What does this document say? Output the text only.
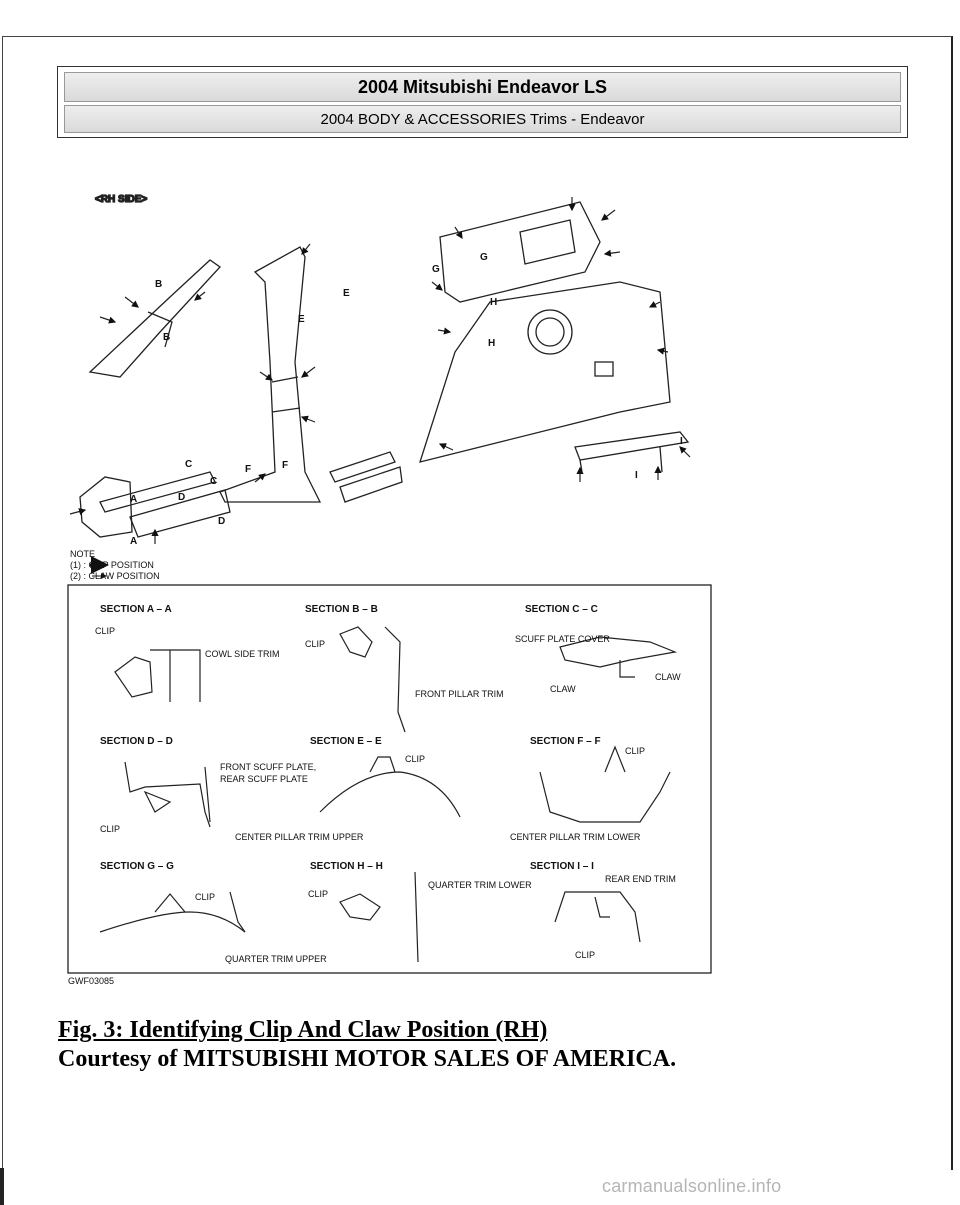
2004 Mitsubishi Endeavor LS
2004 BODY & ACCESSORIES Trims - Endeavor
<RH SIDE>
B
B
A
A
C
C
D
D
E
E
F	F
G
G
H
H
I
I
NOTE
(1) : CLIP POSITION
(2) : CLAW POSITION
SECTION A – A	SECTION B – B	SECTION C – C
SECTION D – D	SECTION E – E	SECTION F – F
SECTION G – G	SECTION H – H	SECTION I – I
CLIP
COWL SIDE TRIM
CLIP
FRONT PILLAR TRIM
SCUFF PLATE COVER
CLAW
CLAW
FRONT SCUFF PLATE,
REAR SCUFF PLATE
CLIP
CLIP
CENTER PILLAR TRIM UPPER
CLIP
CENTER PILLAR TRIM LOWER
CLIP
QUARTER TRIM UPPER
CLIP
QUARTER TRIM LOWER
REAR END TRIM
CLIP
GWF03085
Fig. 3: Identifying Clip And Claw Position (RH)
Courtesy of MITSUBISHI MOTOR SALES OF AMERICA.
carmanualsonline.info
